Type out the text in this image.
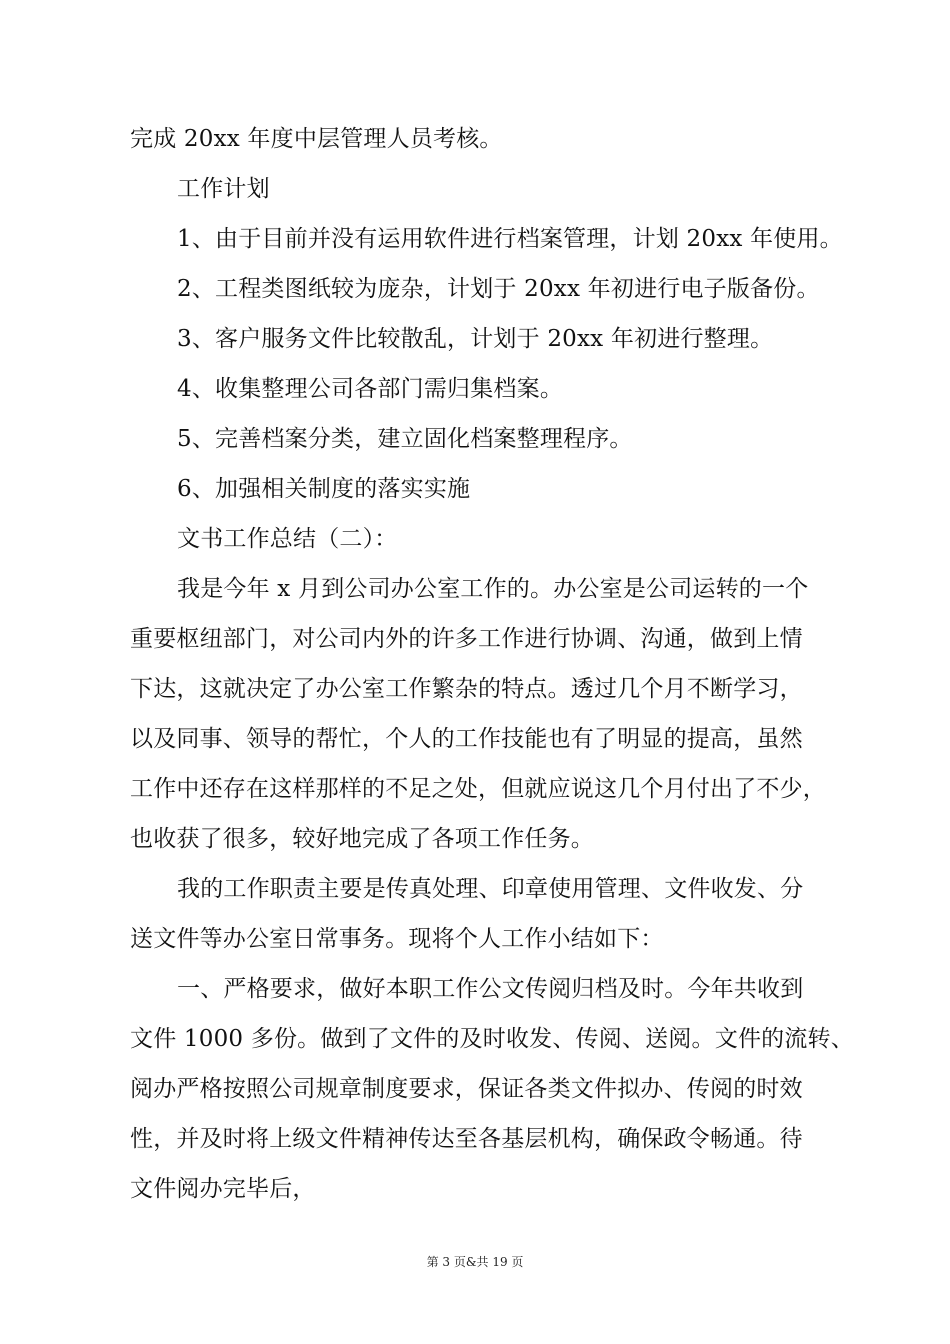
完成 20xx 年度中层管理人员考核。
工作计划
1、由于目前并没有运用软件进行档案管理，计划 20xx 年使用。
2、工程类图纸较为庞杂，计划于 20xx 年初进行电子版备份。
3、客户服务文件比较散乱，计划于 20xx 年初进行整理。
4、收集整理公司各部门需归集档案。
5、完善档案分类，建立固化档案整理程序。
6、加强相关制度的落实实施
文书工作总结（二）：
我是今年 x 月到公司办公室工作的。办公室是公司运转的一个
重要枢纽部门，对公司内外的许多工作进行协调、沟通，做到上情
下达，这就决定了办公室工作繁杂的特点。透过几个月不断学习，
以及同事、领导的帮忙，个人的工作技能也有了明显的提高，虽然
工作中还存在这样那样的不足之处，但就应说这几个月付出了不少，
也收获了很多，较好地完成了各项工作任务。
我的工作职责主要是传真处理、印章使用管理、文件收发、分
送文件等办公室日常事务。现将个人工作小结如下：
一、严格要求，做好本职工作公文传阅归档及时。今年共收到
文件 1000 多份。做到了文件的及时收发、传阅、送阅。文件的流转、
阅办严格按照公司规章制度要求，保证各类文件拟办、传阅的时效
性，并及时将上级文件精神传达至各基层机构，确保政令畅通。待
文件阅办完毕后，
第 3 页&共 19 页
